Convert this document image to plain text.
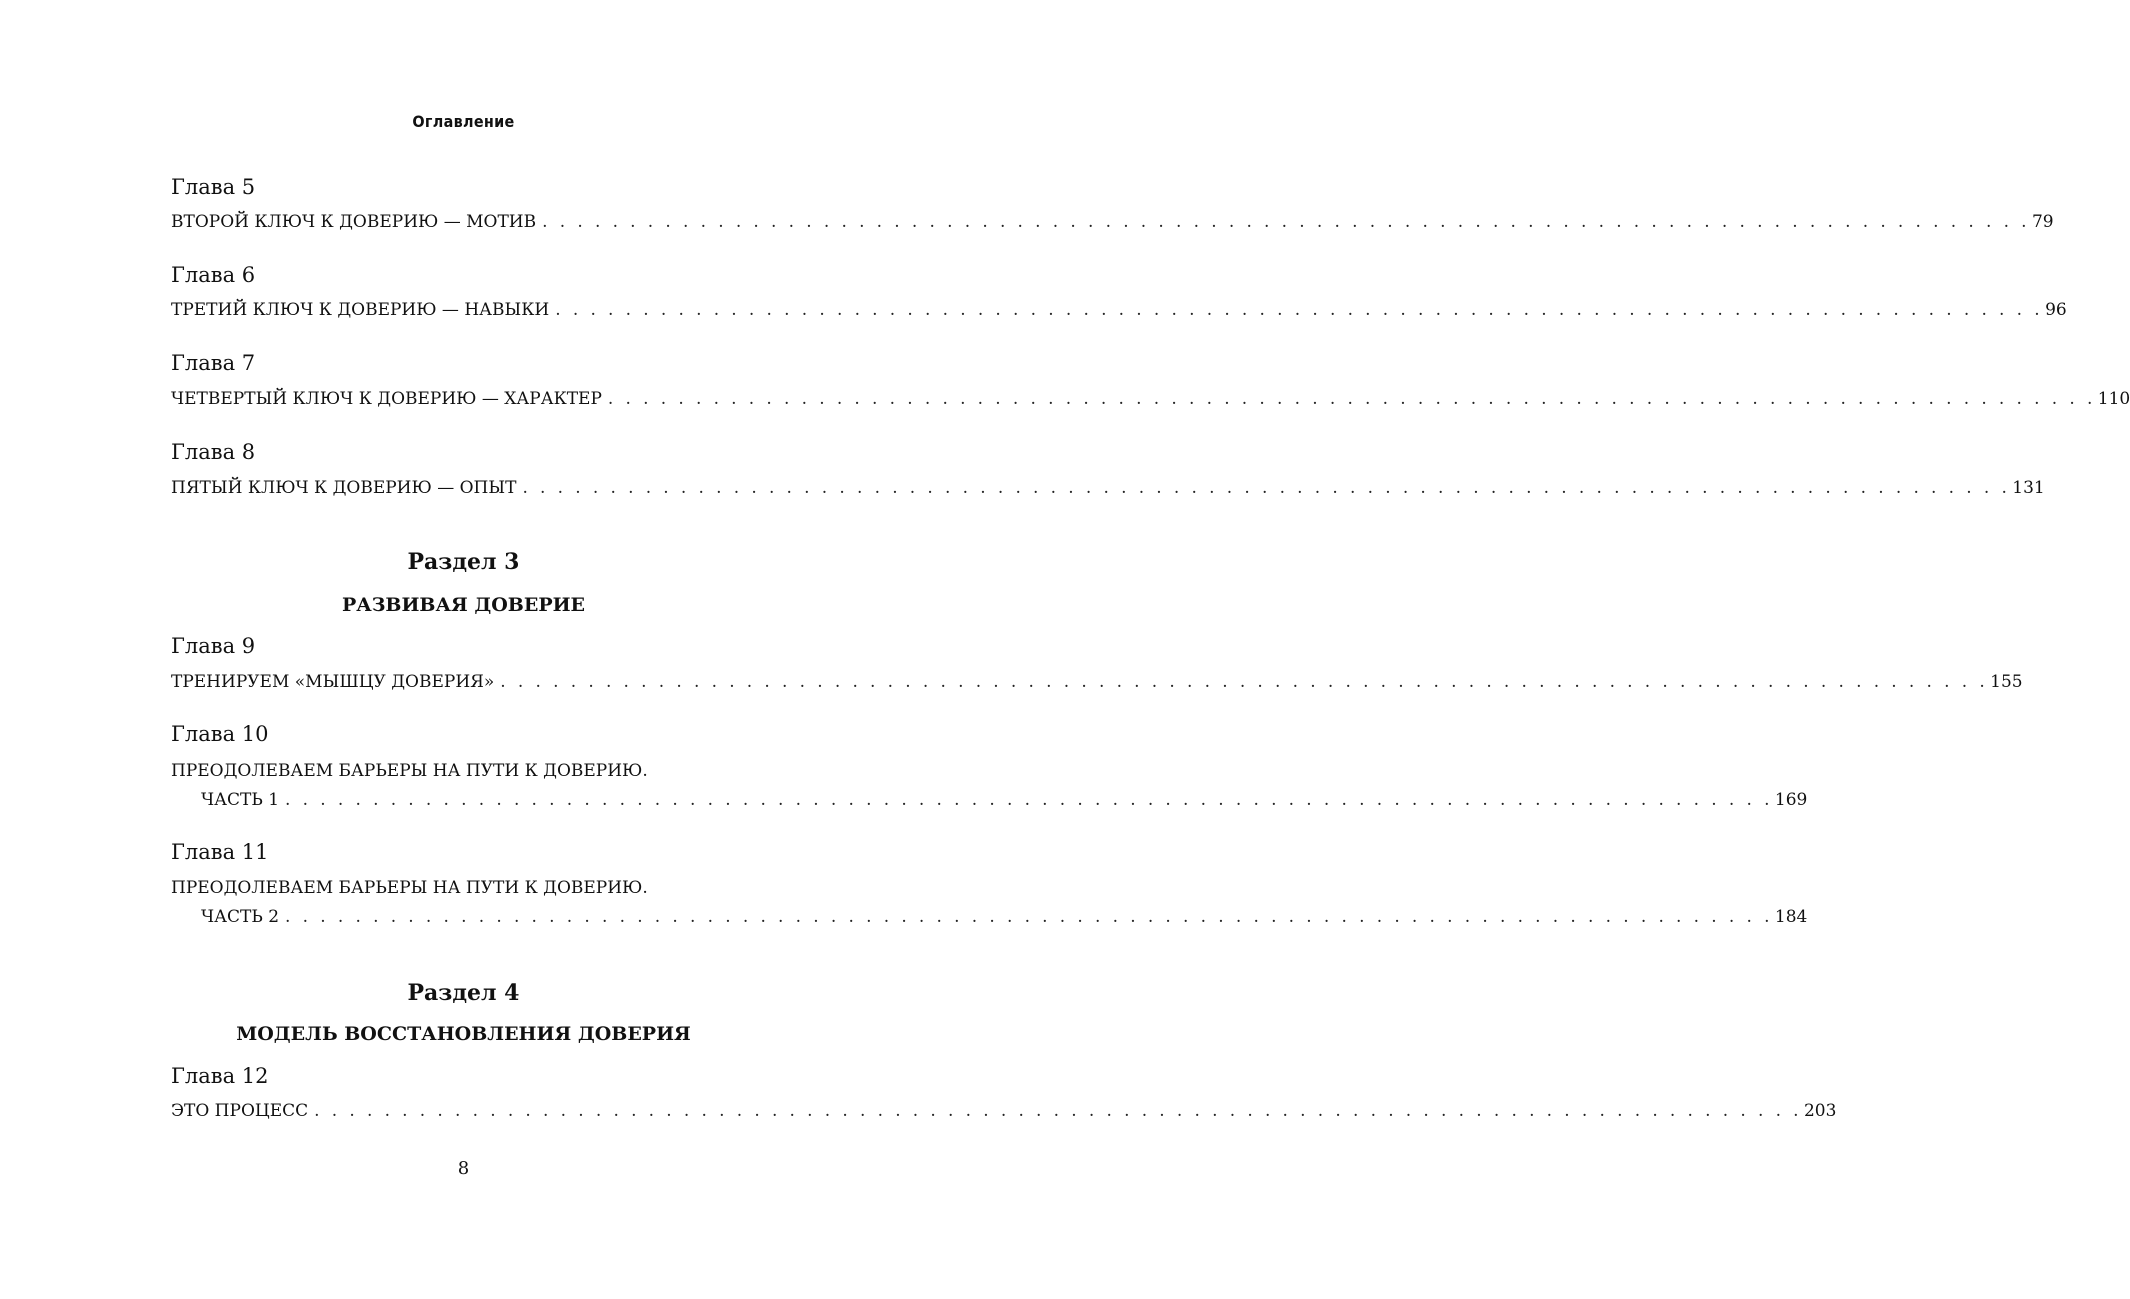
Оглавление
Глава 5
ВТОРОЙ КЛЮЧ К ДОВЕРИЮ — МОТИВ . . . . . . . . . . . . . . . . . . . . . . . . . . . . . . . . . . . . . . . . . . . . . . . . . . . . . . . . . . . . . . . . . . . . . . . . . . . . . . . . . . . . . 79
Глава 6
ТРЕТИЙ КЛЮЧ К ДОВЕРИЮ — НАВЫКИ . . . . . . . . . . . . . . . . . . . . . . . . . . . . . . . . . . . . . . . . . . . . . . . . . . . . . . . . . . . . . . . . . . . . . . . . . . . . . . . . . . . . . 96
Глава 7
ЧЕТВЕРТЫЙ КЛЮЧ К ДОВЕРИЮ — ХАРАКТЕР . . . . . . . . . . . . . . . . . . . . . . . . . . . . . . . . . . . . . . . . . . . . . . . . . . . . . . . . . . . . . . . . . . . . . . . . . . . . . . . . . . . . . 110
Глава 8
ПЯТЫЙ КЛЮЧ К ДОВЕРИЮ — ОПЫТ . . . . . . . . . . . . . . . . . . . . . . . . . . . . . . . . . . . . . . . . . . . . . . . . . . . . . . . . . . . . . . . . . . . . . . . . . . . . . . . . . . . . . 131
Раздел 3
РАЗВИВАЯ ДОВЕРИЕ
Глава 9
ТРЕНИРУЕМ «МЫШЦУ ДОВЕРИЯ» . . . . . . . . . . . . . . . . . . . . . . . . . . . . . . . . . . . . . . . . . . . . . . . . . . . . . . . . . . . . . . . . . . . . . . . . . . . . . . . . . . . . . 155
Глава 10
ПРЕОДОЛЕВАЕМ БАРЬЕРЫ НА ПУТИ К ДОВЕРИЮ.
ЧАСТЬ 1 . . . . . . . . . . . . . . . . . . . . . . . . . . . . . . . . . . . . . . . . . . . . . . . . . . . . . . . . . . . . . . . . . . . . . . . . . . . . . . . . . . . . . 169
Глава 11
ПРЕОДОЛЕВАЕМ БАРЬЕРЫ НА ПУТИ К ДОВЕРИЮ.
ЧАСТЬ 2 . . . . . . . . . . . . . . . . . . . . . . . . . . . . . . . . . . . . . . . . . . . . . . . . . . . . . . . . . . . . . . . . . . . . . . . . . . . . . . . . . . . . . 184
Раздел 4
МОДЕЛЬ ВОССТАНОВЛЕНИЯ ДОВЕРИЯ
Глава 12
ЭТО ПРОЦЕСС . . . . . . . . . . . . . . . . . . . . . . . . . . . . . . . . . . . . . . . . . . . . . . . . . . . . . . . . . . . . . . . . . . . . . . . . . . . . . . . . . . . . . 203
8
